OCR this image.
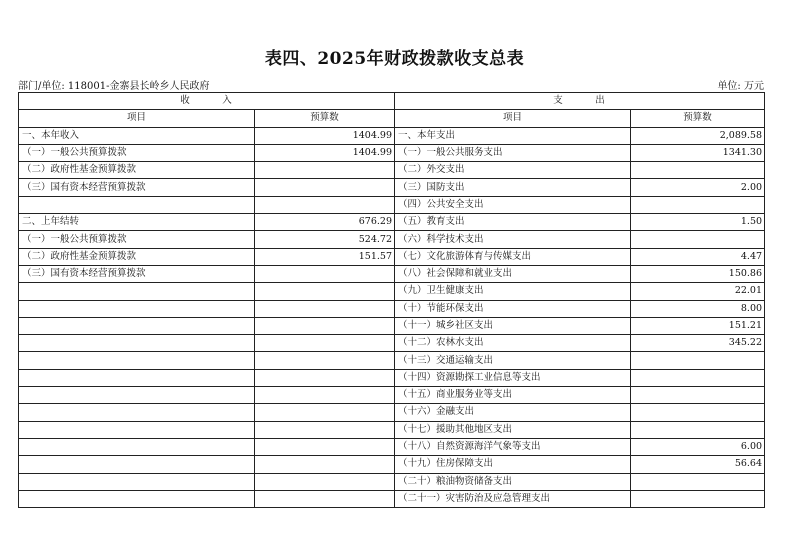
表四、2025年财政拨款收支总表
部门/单位: 118001-金寨县长岭乡人民政府	单位: 万元
收　　　入		支　　　出	
项目	预算数	项目	预算数
一、本年收入	1404.99	一、本年支出	2,089.58
（一）一般公共预算拨款	1404.99	（一）一般公共服务支出	1341.30
（二）政府性基金预算拨款		（二）外交支出	
（三）国有资本经营预算拨款		（三）国防支出	2.00
		（四）公共安全支出	
二、上年结转	676.29	（五）教育支出	1.50
（一）一般公共预算拨款	524.72	（六）科学技术支出	
（二）政府性基金预算拨款	151.57	（七）文化旅游体育与传媒支出	4.47
（三）国有资本经营预算拨款		（八）社会保障和就业支出	150.86
		（九）卫生健康支出	22.01
		（十）节能环保支出	8.00
		（十一）城乡社区支出	151.21
		（十二）农林水支出	345.22
		（十三）交通运输支出	
		（十四）资源勘探工业信息等支出	
		（十五）商业服务业等支出	
		（十六）金融支出	
		（十七）援助其他地区支出	
		（十八）自然资源海洋气象等支出	6.00
		（十九）住房保障支出	56.64
		（二十）粮油物资储备支出	
		（二十一）灾害防治及应急管理支出	
